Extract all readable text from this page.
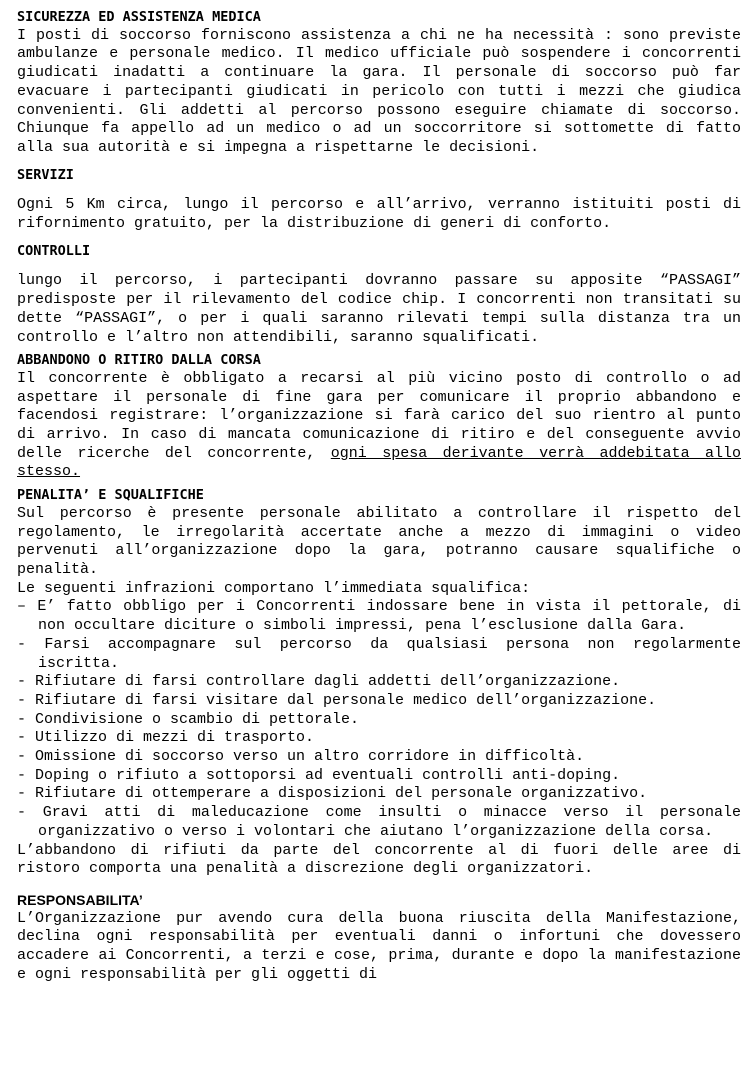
SICUREZZA ED ASSISTENZA MEDICA

I posti di soccorso forniscono assistenza a chi ne ha necessità : sono previste ambulanze e personale medico. Il medico ufficiale può sospendere i concorrenti giudicati inadatti a continuare la gara. Il personale di soccorso può far evacuare i partecipanti giudicati in pericolo con tutti i mezzi che giudica convenienti. Gli addetti al percorso possono eseguire chiamate di soccorso. Chiunque fa appello ad un medico o ad un soccorritore si sottomette di fatto alla sua autorità e si impegna a rispettarne le decisioni.

SERVIZI

Ogni 5 Km circa, lungo il percorso e all’arrivo, verranno istituiti posti di rifornimento gratuito, per la distribuzione di generi di conforto.

CONTROLLI

lungo il percorso, i partecipanti dovranno passare su apposite “PASSAGI” predisposte per il rilevamento del codice chip. I concorrenti non transitati su dette “PASSAGI”, o per i quali saranno rilevati tempi sulla distanza tra un controllo e l’altro non attendibili, saranno squalificati.

ABBANDONO O RITIRO DALLA CORSA

Il concorrente è obbligato a recarsi al più vicino posto di controllo o ad aspettare il personale di fine gara per comunicare il proprio abbandono e facendosi registrare: l’organizzazione si farà carico del suo rientro al punto di arrivo. In caso di mancata comunicazione di ritiro e del conseguente avvio delle ricerche del concorrente, ogni spesa derivante verrà addebitata allo stesso.

PENALITA’ E SQUALIFICHE

Sul percorso è presente personale abilitato a controllare il rispetto del regolamento, le irregolarità accertate anche a mezzo di immagini o video pervenuti all’organizzazione dopo la gara, potranno causare squalifiche o penalità.

Le seguenti infrazioni comportano l’immediata squalifica:

– E’ fatto obbligo per i Concorrenti indossare bene in vista il pettorale, di non occultare diciture o simboli impressi, pena l’esclusione dalla Gara.
- Farsi accompagnare sul percorso da qualsiasi persona non regolarmente iscritta.
- Rifiutare di farsi controllare dagli addetti dell’organizzazione.
- Rifiutare di farsi visitare dal personale medico dell’organizzazione.
- Condivisione o scambio di pettorale.
- Utilizzo di mezzi di trasporto.
- Omissione di soccorso verso un altro corridore in difficoltà.
- Doping o rifiuto a sottoporsi ad eventuali controlli anti-doping.
- Rifiutare di ottemperare a disposizioni del personale organizzativo.
- Gravi atti di maleducazione come insulti o minacce verso il personale organizzativo o verso i volontari che aiutano l’organizzazione della corsa.

L’abbandono di rifiuti da parte del concorrente al di fuori delle aree di ristoro comporta una penalità a discrezione degli organizzatori.

RESPONSABILITA’

L’Organizzazione pur avendo cura della buona riuscita della Manifestazione, declina ogni responsabilità per eventuali danni o infortuni che dovessero accadere ai Concorrenti, a terzi e cose, prima, durante e dopo la manifestazione e ogni responsabilità per gli oggetti di
